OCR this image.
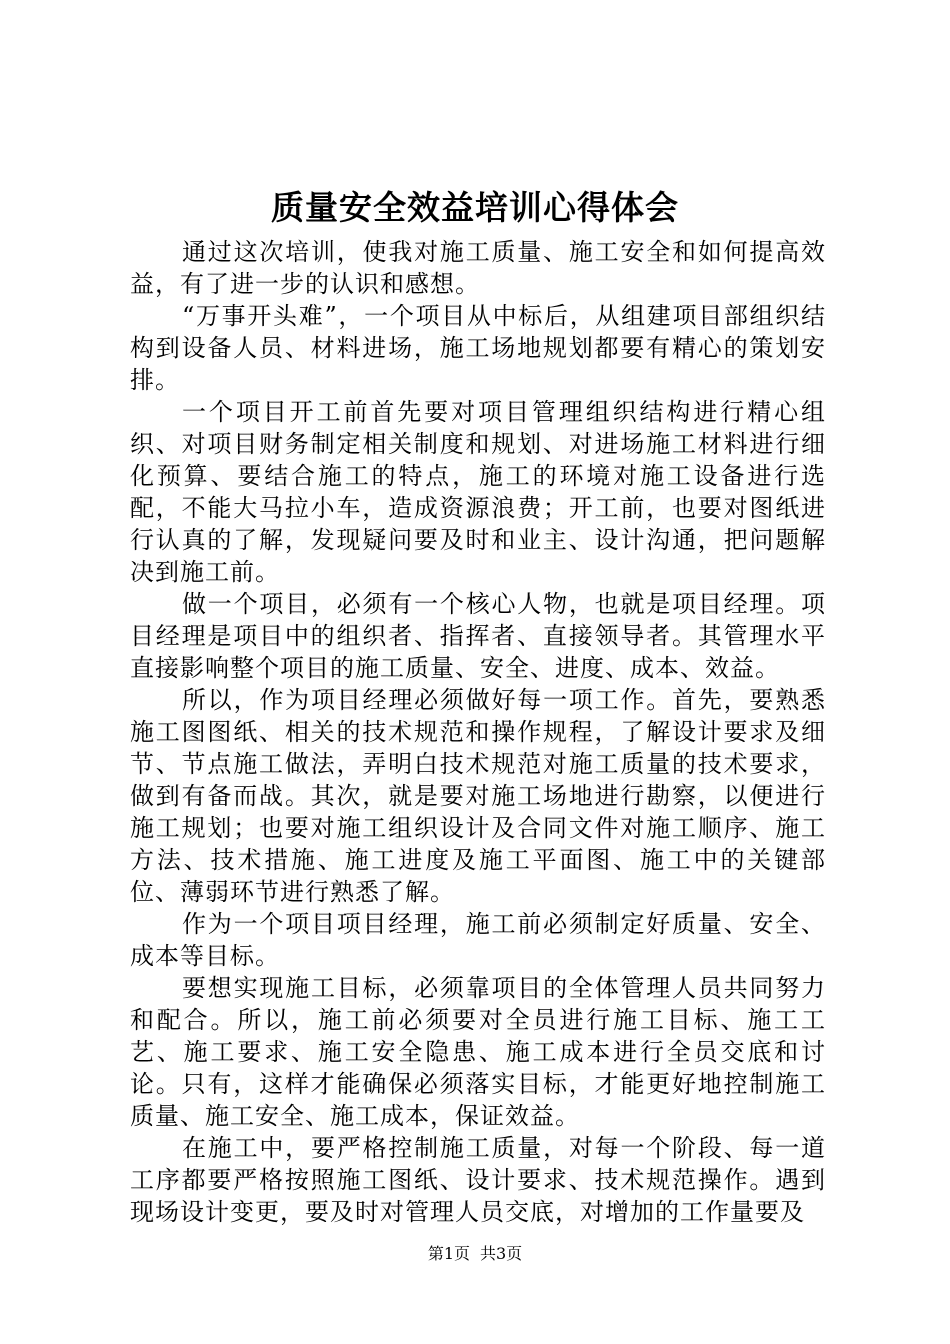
质量安全效益培训心得体会

通过这次培训，使我对施工质量、施工安全和如何提高效益，有了进一步的认识和感想。

“万事开头难”，一个项目从中标后，从组建项目部组织结构到设备人员、材料进场，施工场地规划都要有精心的策划安排。

一个项目开工前首先要对项目管理组织结构进行精心组织、对项目财务制定相关制度和规划、对进场施工材料进行细化预算、要结合施工的特点，施工的环境对施工设备进行选配，不能大马拉小车，造成资源浪费；开工前，也要对图纸进行认真的了解，发现疑问要及时和业主、设计沟通，把问题解决到施工前。

做一个项目，必须有一个核心人物，也就是项目经理。项目经理是项目中的组织者、指挥者、直接领导者。其管理水平直接影响整个项目的施工质量、安全、进度、成本、效益。

所以，作为项目经理必须做好每一项工作。首先，要熟悉施工图图纸、相关的技术规范和操作规程，了解设计要求及细节、节点施工做法，弄明白技术规范对施工质量的技术要求，做到有备而战。其次，就是要对施工场地进行勘察，以便进行施工规划；也要对施工组织设计及合同文件对施工顺序、施工方法、技术措施、施工进度及施工平面图、施工中的关键部位、薄弱环节进行熟悉了解。

作为一个项目项目经理，施工前必须制定好质量、安全、成本等目标。

要想实现施工目标，必须靠项目的全体管理人员共同努力和配合。所以，施工前必须要对全员进行施工目标、施工工艺、施工要求、施工安全隐患、施工成本进行全员交底和讨论。只有，这样才能确保必须落实目标，才能更好地控制施工质量、施工安全、施工成本，保证效益。

在施工中，要严格控制施工质量，对每一个阶段、每一道工序都要严格按照施工图纸、设计要求、技术规范操作。遇到现场设计变更，要及时对管理人员交底，对增加的工作量要及

第1页 共3页
